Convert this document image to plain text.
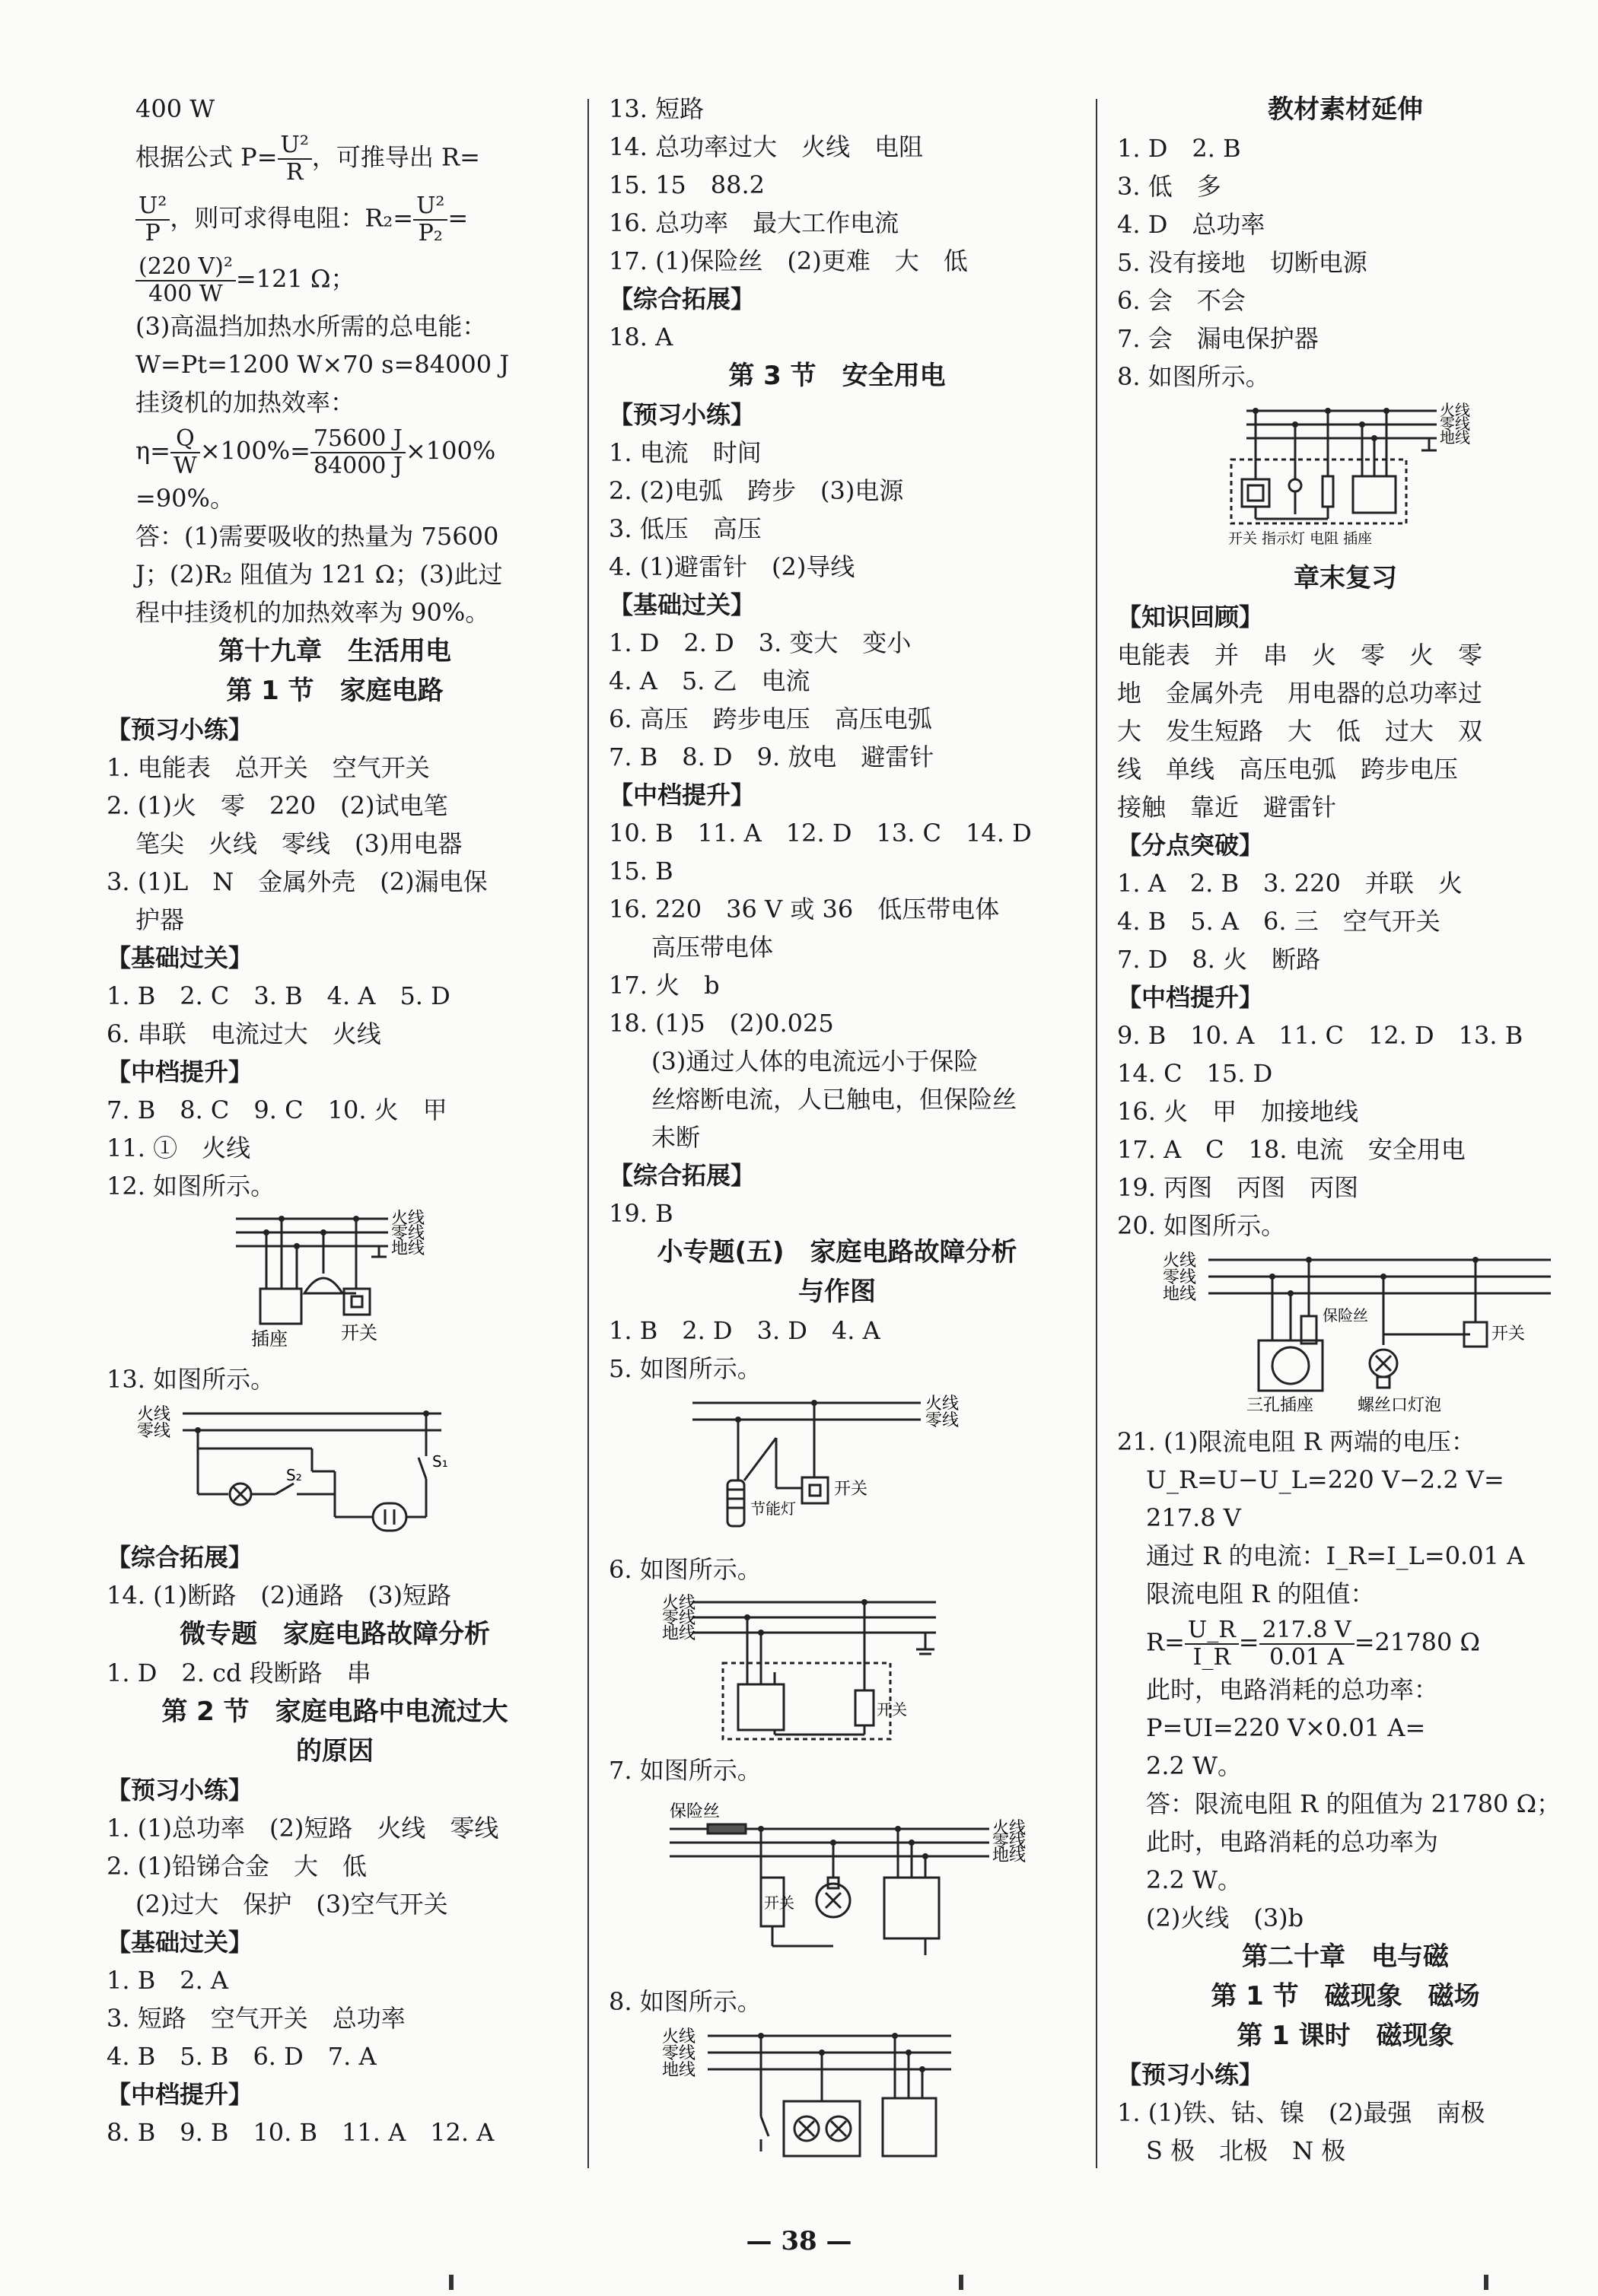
400 W
根据公式 $P= \frac{\text{U²}}{R}$ ，可推导出 R=
$\frac{\text{U²}}{P}$ ，则可求得电阻：$R_2= \frac{\text{U²}}{\text{P₂}}$ =
$\frac{\text{(220 V)²}}{400 W} =121$ Ω；
(3)高温挡加热水所需的总电能：
W=Pt=1200 W×70 s=84000 J
挂烫机的加热效率：
$\eta= \frac{Q}{W} \times 100\%= \frac{75600 J}{84000 J} \times 100\%$
=90%。
答：(1)需要吸收的热量为 75600
J；(2)R₂ 阻值为 121 Ω；(3)此过
程中挂烫机的加热效率为 90%。
第十九章　生活用电
第 1 节　家庭电路
【预习小练】
1. 电能表　总开关　空气开关
2. (1)火　零　220　(2)试电笔
笔尖　火线　零线　(3)用电器
3. (1)L　N　金属外壳　(2)漏电保
护器
【基础过关】
1. B　2. C　3. B　4. A　5. D
6. 串联　电流过大　火线
【中档提升】
7. B　8. C　9. C　10. 火　甲
11. ①　火线
12. 如图所示。
火线
零线
地线
插座	开关
13. 如图所示。
火线
零线
S₁
S₂
【综合拓展】
14. (1)断路　(2)通路　(3)短路
微专题　家庭电路故障分析
1. D　2. cd 段断路　串
第 2 节　家庭电路中电流过大
的原因
【预习小练】
1. (1)总功率　(2)短路　火线　零线
2. (1)铅锑合金　大　低
(2)过大　保护　(3)空气开关
【基础过关】
1. B　2. A
3. 短路　空气开关　总功率
4. B　5. B　6. D　7. A
【中档提升】
8. B　9. B　10. B　11. A　12. A
13. 短路
14. 总功率过大　火线　电阻
15. 15　88.2
16. 总功率　最大工作电流
17. (1)保险丝　(2)更难　大　低
【综合拓展】
18. A
第 3 节　安全用电
【预习小练】
1. 电流　时间
2. (2)电弧　跨步　(3)电源
3. 低压　高压
4. (1)避雷针　(2)导线
【基础过关】
1. D　2. D　3. 变大　变小
4. A　5. 乙　电流
6. 高压　跨步电压　高压电弧
7. B　8. D　9. 放电　避雷针
【中档提升】
10. B　11. A　12. D　13. C　14. D
15. B
16. 220　36 V 或 36　低压带电体
高压带电体
17. 火　b
18. (1)5　(2)0.025
(3)通过人体的电流远小于保险
丝熔断电流，人已触电，但保险丝
未断
【综合拓展】
19. B
小专题(五)　家庭电路故障分析
与作图
1. B　2. D　3. D　4. A
5. 如图所示。
火线
零线
节能灯
开关
6. 如图所示。
火线
零线
地线
开关
7. 如图所示。
保险丝
火线
零线
地线
开关
8. 如图所示。
火线
零线
地线
教材素材延伸
1. D　2. B
3. 低　多
4. D　总功率
5. 没有接地　切断电源
6. 会　不会
7. 会　漏电保护器
8. 如图所示。
火线
零线
地线
开关 指示灯 电阻 插座
章末复习
【知识回顾】
电能表　并　串　火　零　火　零
地　金属外壳　用电器的总功率过
大　发生短路　大　低　过大　双
线　单线　高压电弧　跨步电压
接触　靠近　避雷针
【分点突破】
1. A　2. B　3. 220　并联　火
4. B　5. A　6. 三　空气开关
7. D　8. 火　断路
【中档提升】
9. B　10. A　11. C　12. D　13. B
14. C　15. D
16. 火　甲　加接地线
17. A　C　18. 电流　安全用电
19. 丙图　丙图　丙图
20. 如图所示。
火线
零线
地线
保险丝
三孔插座	螺丝口灯泡
开关
21. (1)限流电阻 R 两端的电压：
U_R=U−U_L=220 V−2.2 V=
217.8 V
通过 R 的电流：I_R=I_L=0.01 A
限流电阻 R 的阻值：
$R= \frac{U\_R}{I\_R} = \frac{217.8 V}{0.01 A} =21780$ Ω
此时，电路消耗的总功率：
P=UI=220 V×0.01 A=
2.2 W。
答：限流电阻 R 的阻值为 21780 Ω；
此时，电路消耗的总功率为
2.2 W。
(2)火线　(3)b
第二十章　电与磁
第 1 节　磁现象　磁场
第 1 课时　磁现象
【预习小练】
1. (1)铁、钴、镍　(2)最强　南极
S 极　北极　N 极
— 38 —
